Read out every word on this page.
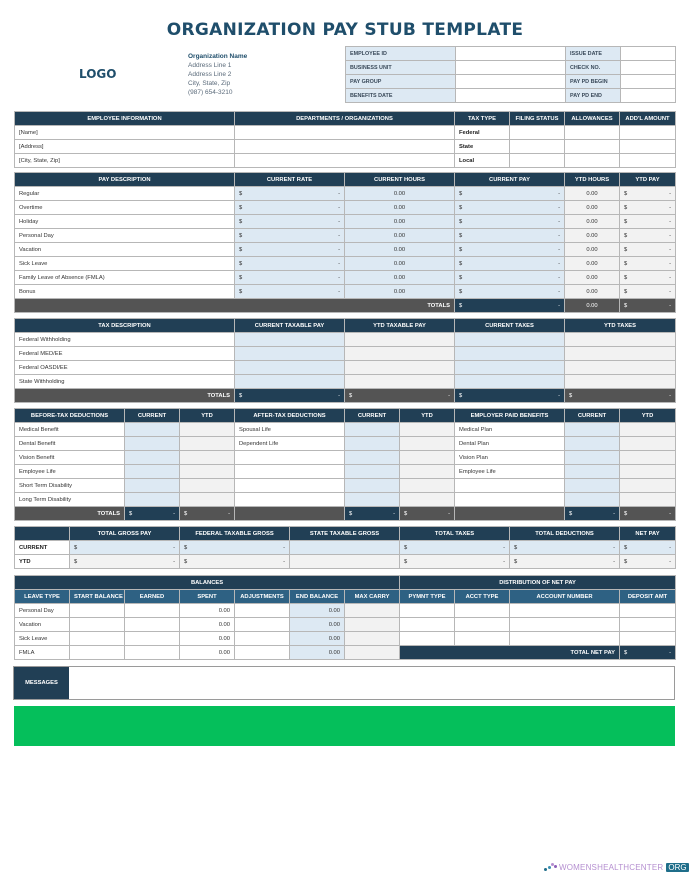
ORGANIZATION PAY STUB TEMPLATE
LOGO
Organization Name
Address Line 1
Address Line 2
City, State, Zip
(987) 654-3210
EMPLOYEE ID		ISSUE DATE	
BUSINESS UNIT		CHECK NO.	
PAY GROUP		PAY PD BEGIN	
BENEFITS DATE		PAY PD END	
EMPLOYEE INFORMATION	DEPARTMENTS / ORGANIZATIONS	TAX TYPE	FILING STATUS	ALLOWANCES	ADD'L AMOUNT
[Name]		Federal			
[Address]		State			
[City, State, Zip]		Local			
PAY DESCRIPTION	CURRENT RATE	CURRENT HOURS	CURRENT PAY	YTD HOURS	YTD PAY
Regular	$ -	0.00	$ -	0.00	$ -

Overtime	$ -	0.00	$ -	0.00	$ -

Holiday	$ -	0.00	$ -	0.00	$ -

Personal Day	$ -	0.00	$ -	0.00	$ -

Vacation	$ -	0.00	$ -	0.00	$ -

Sick Leave	$ -	0.00	$ -	0.00	$ -

Family Leave of Absence (FMLA)	$ -	0.00	$ -	0.00	$ -

Bonus	$ -	0.00	$ -	0.00	$ -

TOTALS			$ -	0.00	$ -
TAX DESCRIPTION	CURRENT TAXABLE PAY	YTD TAXABLE PAY	CURRENT TAXES	YTD TAXES
Federal Withholding				
Federal MED/EE				
Federal OASDI/EE				
State Withholding				
TOTALS	$ -	$ -	$ -	$ -
BEFORE-TAX DEDUCTIONS	CURRENT	YTD	AFTER-TAX DEDUCTIONS	CURRENT	YTD	EMPLOYER PAID BENEFITS	CURRENT	YTD
Medical Benefit			Spousal Life			Medical Plan		
Dental Benefit			Dependent Life			Dental Plan		
Vision Benefit						Vision Plan		
Employee Life						Employee Life		
Short Term Disability								
Long Term Disability								
TOTALS	$ -	$ -		$ -	$ -		$ -	$ -
	TOTAL GROSS PAY	FEDERAL TAXABLE GROSS	STATE TAXABLE GROSS	TOTAL TAXES	TOTAL DEDUCTIONS	NET PAY
CURRENT	$ -	$ -		$ -	$ -	$ -

YTD	$ -	$ -		$ -	$ -	$ -
BALANCES						
LEAVE TYPE	START BALANCE	EARNED	SPENT	ADJUSTMENTS	END BALANCE	MAX CARRY
Personal Day			0.00		0.00	
Vacation			0.00		0.00	
Sick Leave			0.00		0.00	
FMLA			0.00		0.00	
DISTRIBUTION OF NET PAY			
PYMNT TYPE	ACCT TYPE	ACCOUNT NUMBER	DEPOSIT AMT

TOTAL NET PAY			$ -
MESSAGES
WOMENSHEALTHCENTER ORG
